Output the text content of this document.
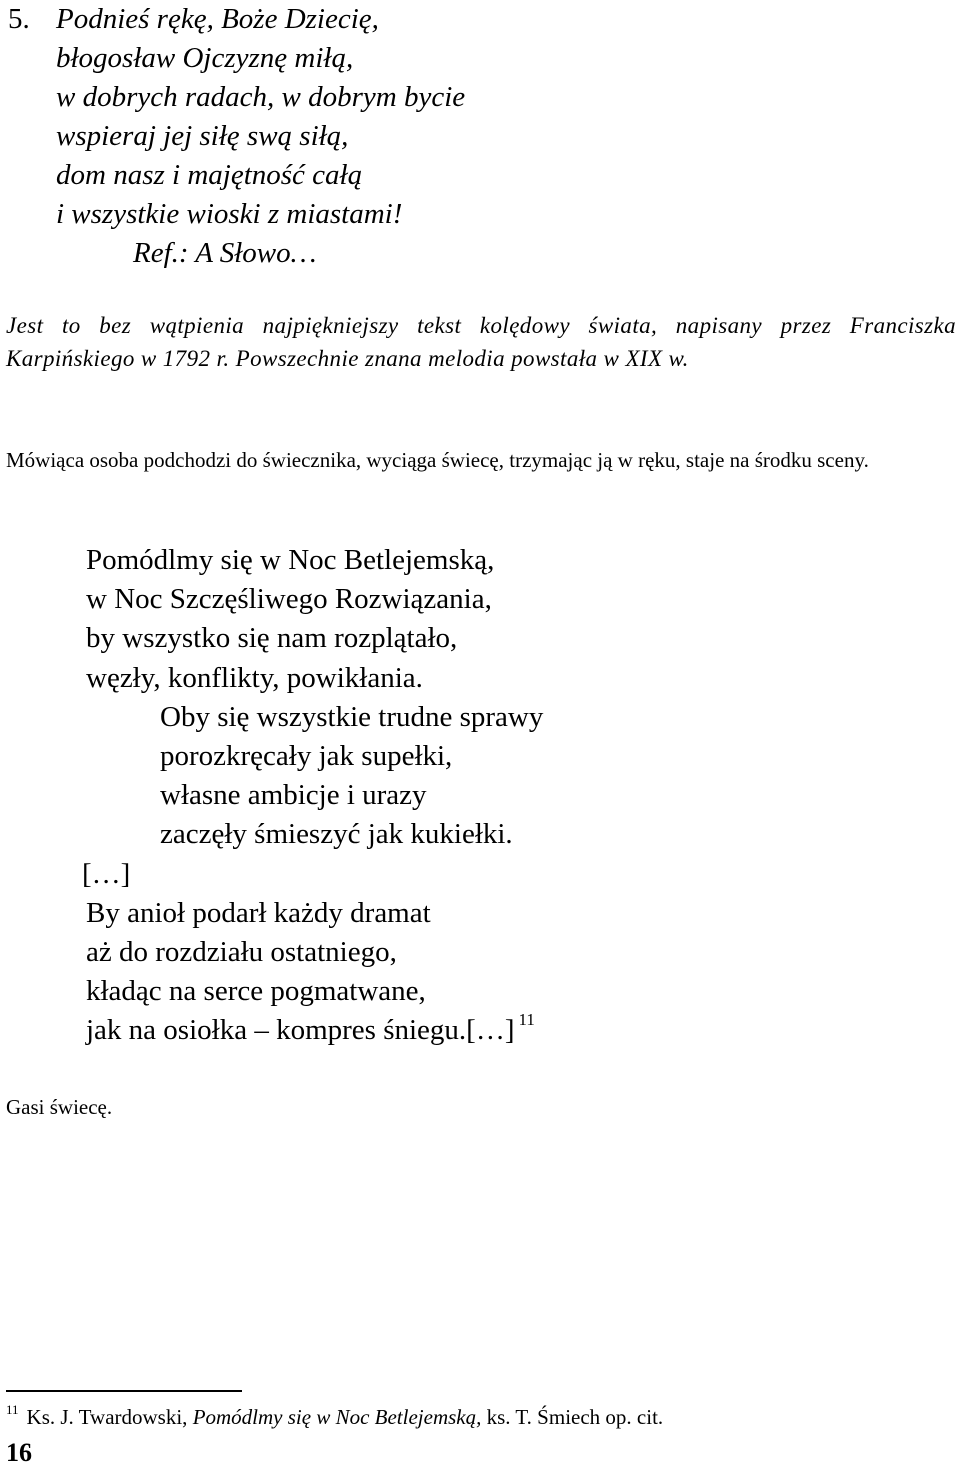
5. Podnieś rękę, Boże Dziecię,
błogosław Ojczyznę miłą,
w dobrych radach, w dobrym bycie
wspieraj jej siłę swą siłą,
dom nasz i majętność całą
i wszystkie wioski z miastami!
Ref.: A Słowo…
Jest to bez wątpienia najpiękniejszy tekst kolędowy świata, napisany przez Franciszka Karpińskiego w 1792 r. Powszechnie znana melodia powstała w XIX w.
Mówiąca osoba podchodzi do świecznika, wyciąga świecę, trzymając ją w ręku, staje na środku sceny.
Pomódlmy się w Noc Betlejemską,
w Noc Szczęśliwego Rozwiązania,
by wszystko się nam rozplątało,
węzły, konflikty, powikłania.
Oby się wszystkie trudne sprawy
porozkręcały jak supełki,
własne ambicje i urazy
zaczęły śmieszyć jak kukiełki.
[…]
By anioł podarł każdy dramat
aż do rozdziału ostatniego,
kładąc na serce pogmatwane,
jak na osiołka – kompres śniegu.[…] $^{11}$
Gasi świecę.
$^{11}$ Ks. J. Twardowski, Pomódlmy się w Noc Betlejemską, ks. T. Śmiech op. cit.
16
